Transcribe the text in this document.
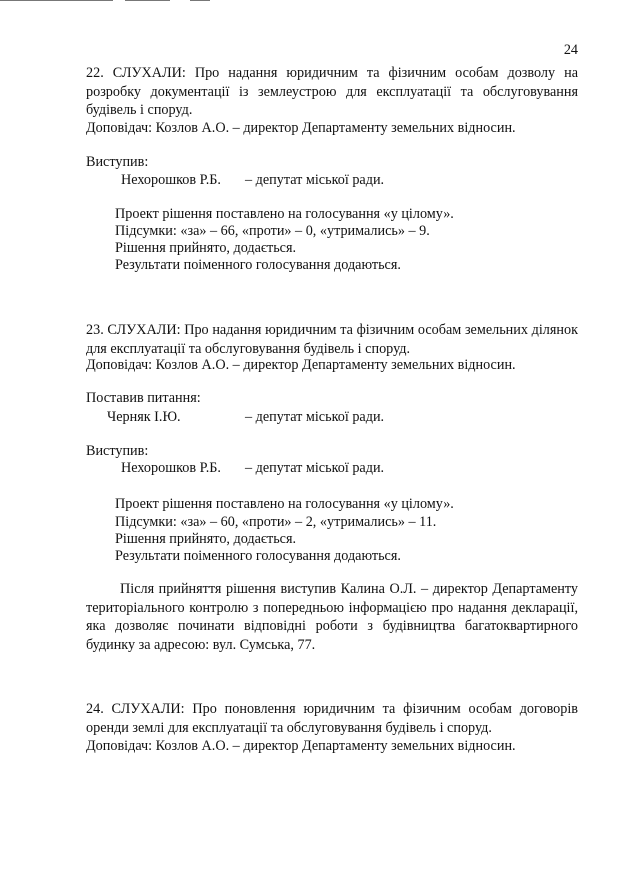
24
22. СЛУХАЛИ: Про надання юридичним та фізичним особам дозволу на розробку документації із землеустрою для експлуатації та обслуговування будівель і споруд.
Доповідач: Козлов А.О. – директор Департаменту земельних відносин.
Виступив:
Нехорошков Р.Б. – депутат міської ради.
Проект рішення поставлено на голосування «у цілому».
Підсумки: «за» – 66, «проти» – 0, «утримались» – 9.
Рішення прийнято, додається.
Результати поіменного голосування додаються.
23. СЛУХАЛИ: Про надання юридичним та фізичним особам земельних ділянок для експлуатації та обслуговування будівель і споруд.
Доповідач: Козлов А.О. – директор Департаменту земельних відносин.
Поставив питання:
Черняк І.Ю.	– депутат міської ради.
Виступив:
Нехорошков Р.Б. – депутат міської ради.
Проект рішення поставлено на голосування «у цілому».
Підсумки: «за» – 60, «проти» – 2, «утримались» – 11.
Рішення прийнято, додається.
Результати поіменного голосування додаються.
Після прийняття рішення виступив Калина О.Л. – директор Департаменту територіального контролю з попередньою інформацією про надання декларації, яка дозволяє починати відповідні роботи з будівництва багатоквартирного будинку за адресою: вул. Сумська, 77.
24. СЛУХАЛИ: Про поновлення юридичним та фізичним особам договорів оренди землі для експлуатації та обслуговування будівель і споруд.
Доповідач: Козлов А.О. – директор Департаменту земельних відносин.
